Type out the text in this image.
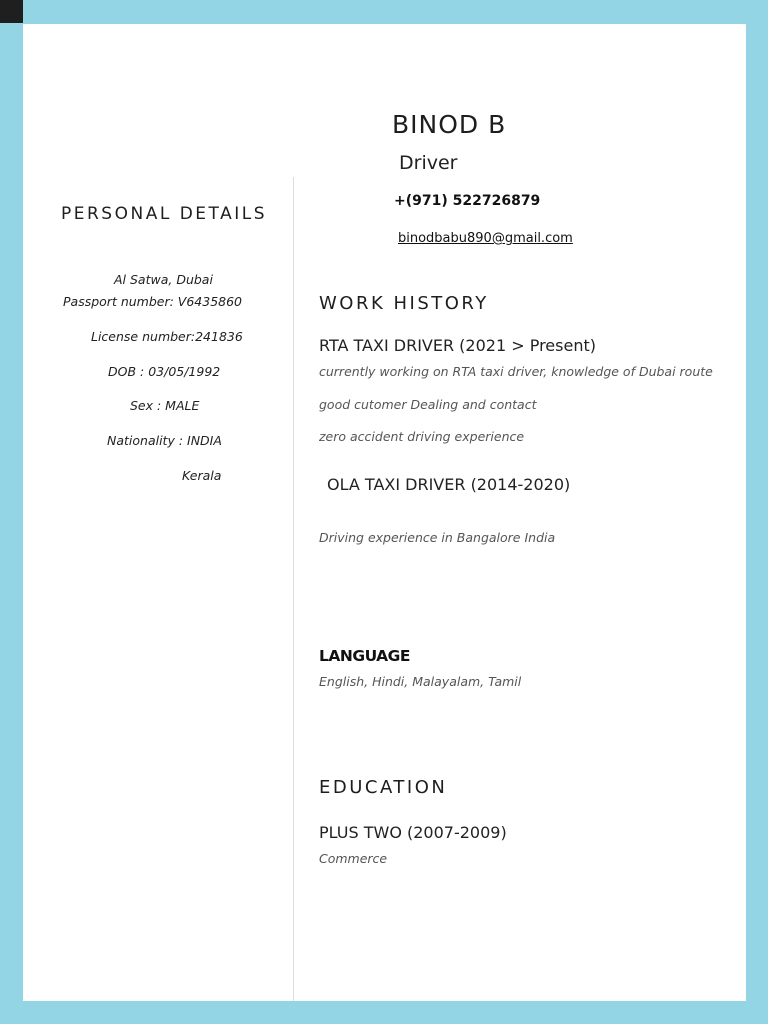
BINOD B
Driver
+(971) 522726879
binodbabu890@gmail.com
PERSONAL DETAILS
Al Satwa, Dubai
Passport number: V6435860
License number:241836
DOB : 03/05/1992
Sex : MALE
Nationality : INDIA
Kerala
WORK HISTORY
RTA TAXI DRIVER (2021 > Present)
currently working on RTA taxi driver, knowledge of Dubai route
good cutomer Dealing and contact
zero accident driving experience
OLA TAXI DRIVER (2014-2020)
Driving experience in Bangalore India
LANGUAGE
English, Hindi, Malayalam, Tamil
EDUCATION
PLUS TWO (2007-2009)
Commerce
